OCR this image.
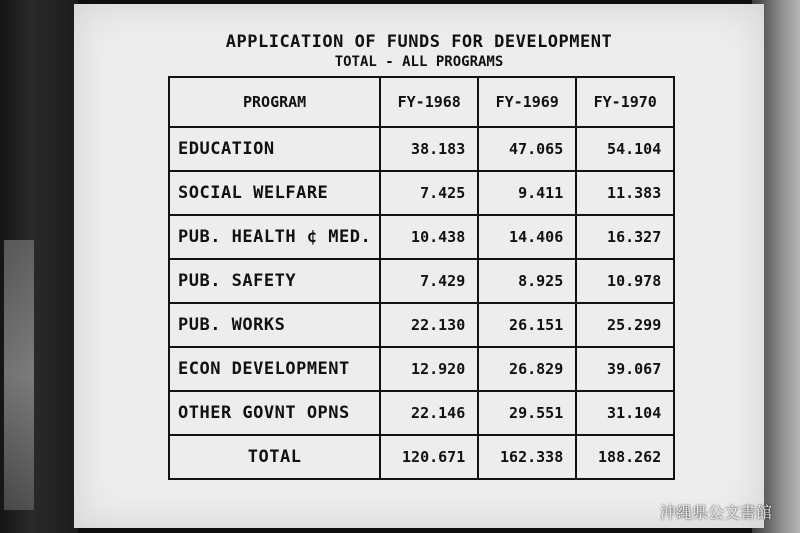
APPLICATION OF FUNDS FOR DEVELOPMENT
TOTAL - ALL PROGRAMS
PROGRAM	FY-1968	FY-1969	FY-1970
EDUCATION	38.183	47.065	54.104
SOCIAL WELFARE	7.425	9.411	11.383
PUB. HEALTH ¢ MED.	10.438	14.406	16.327
PUB. SAFETY	7.429	8.925	10.978
PUB. WORKS	22.130	26.151	25.299
ECON DEVELOPMENT	12.920	26.829	39.067
OTHER GOVNT OPNS	22.146	29.551	31.104
TOTAL	120.671	162.338	188.262
沖縄県公文書館
